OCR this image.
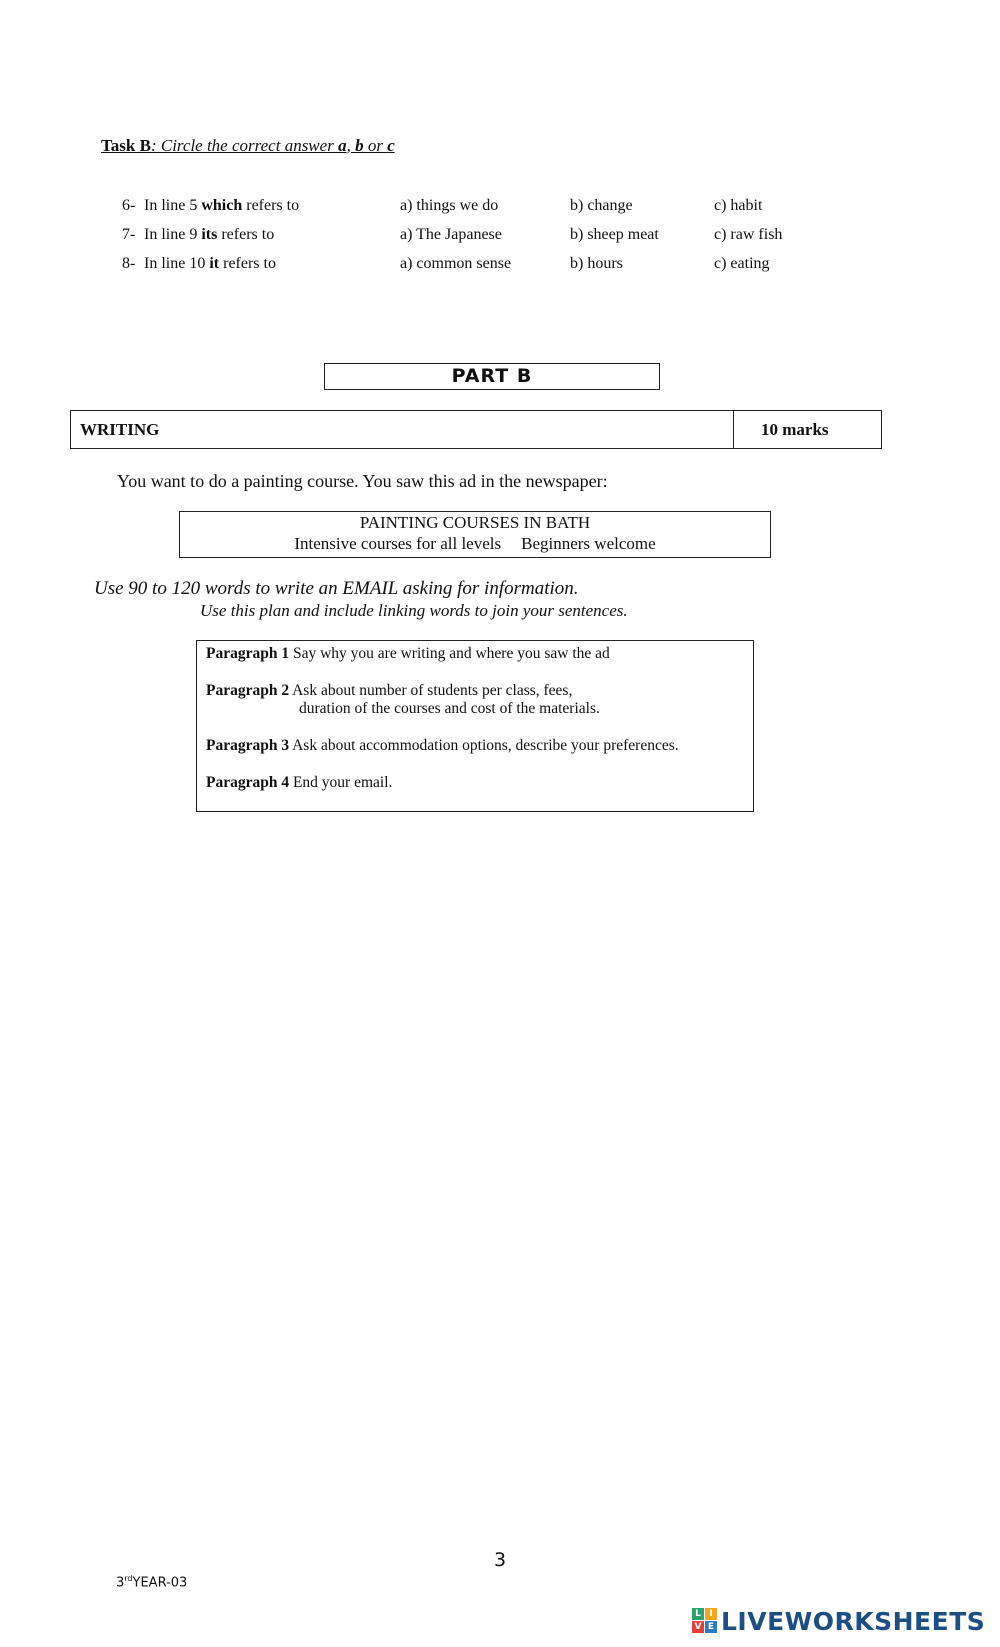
Task B: Circle the correct answer a, b or c
6- In line 5 which refers to	a) things we do	b) change	c) habit
7- In line 9 its refers to	a) The Japanese	b) sheep meat	c) raw fish
8- In line 10 it refers to	a) common sense	b) hours	c) eating
PART B
WRITING	10 marks
You want to do a painting course. You saw this ad in the newspaper:
PAINTING COURSES IN BATH
Intensive courses for all levels Beginners welcome
Use 90 to 120 words to write an EMAIL asking for information.
Use this plan and include linking words to join your sentences.
Paragraph 1 Say why you are writing and where you saw the ad
Paragraph 2 Ask about number of students per class, fees,
duration of the courses and cost of the materials.
Paragraph 3 Ask about accommodation options, describe your preferences.
Paragraph 4 End your email.
3
3rdYEAR-03
L I
V E LIVEWORKSHEETS
